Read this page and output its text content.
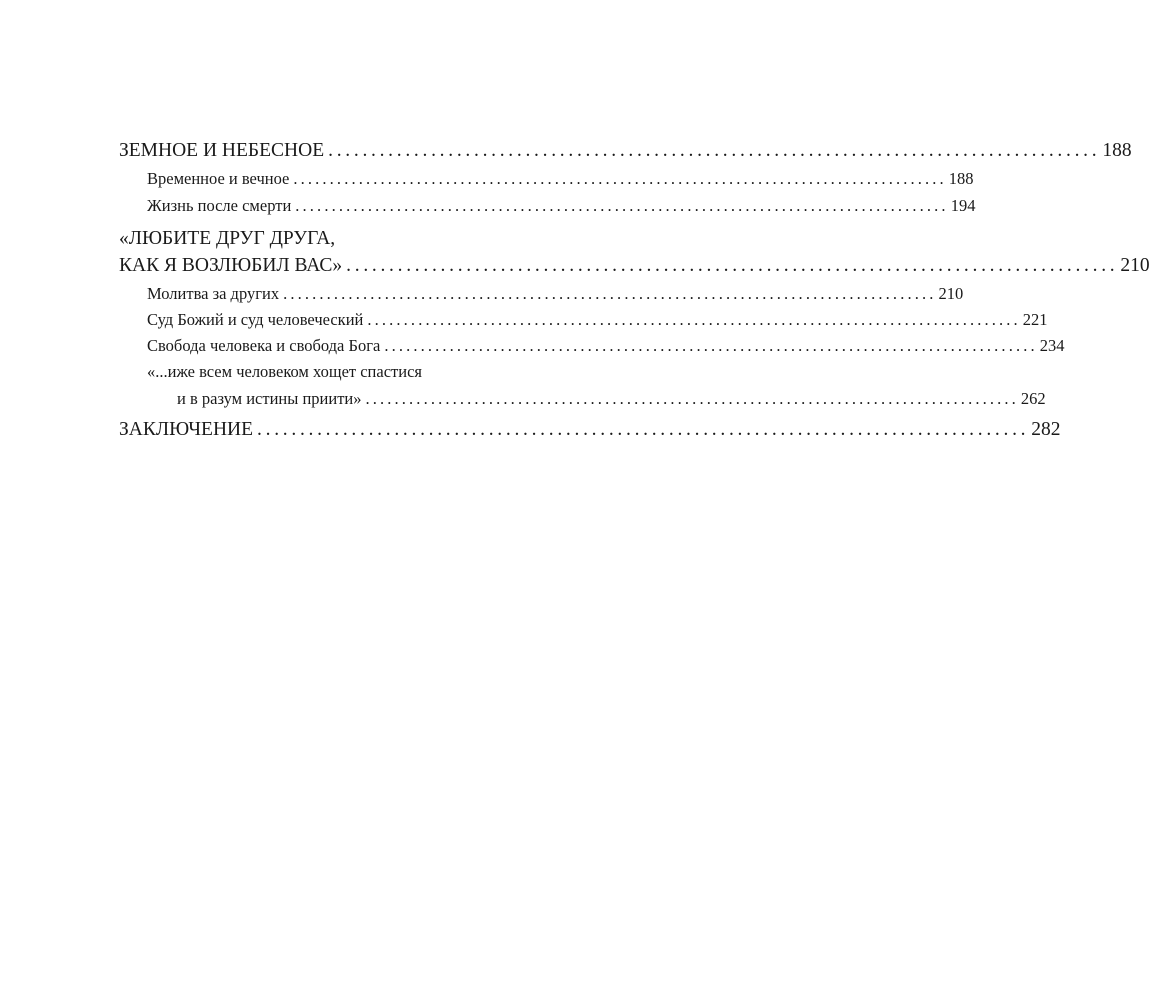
ЗЕМНОЕ И НЕБЕСНОЕ .......................................................................................... 188
Временное и вечное .......................................................................................... 188
Жизнь после смерти .......................................................................................... 194
«ЛЮБИТЕ ДРУГ ДРУГА,
КАК Я ВОЗЛЮБИЛ ВАС» .......................................................................................... 210
Молитва за других .......................................................................................... 210
Суд Божий и суд человеческий .......................................................................................... 221
Свобода человека и свобода Бога .......................................................................................... 234
«...иже всем человеком хощет спастися
и в разум истины приити» .......................................................................................... 262
ЗАКЛЮЧЕНИЕ .......................................................................................... 282
